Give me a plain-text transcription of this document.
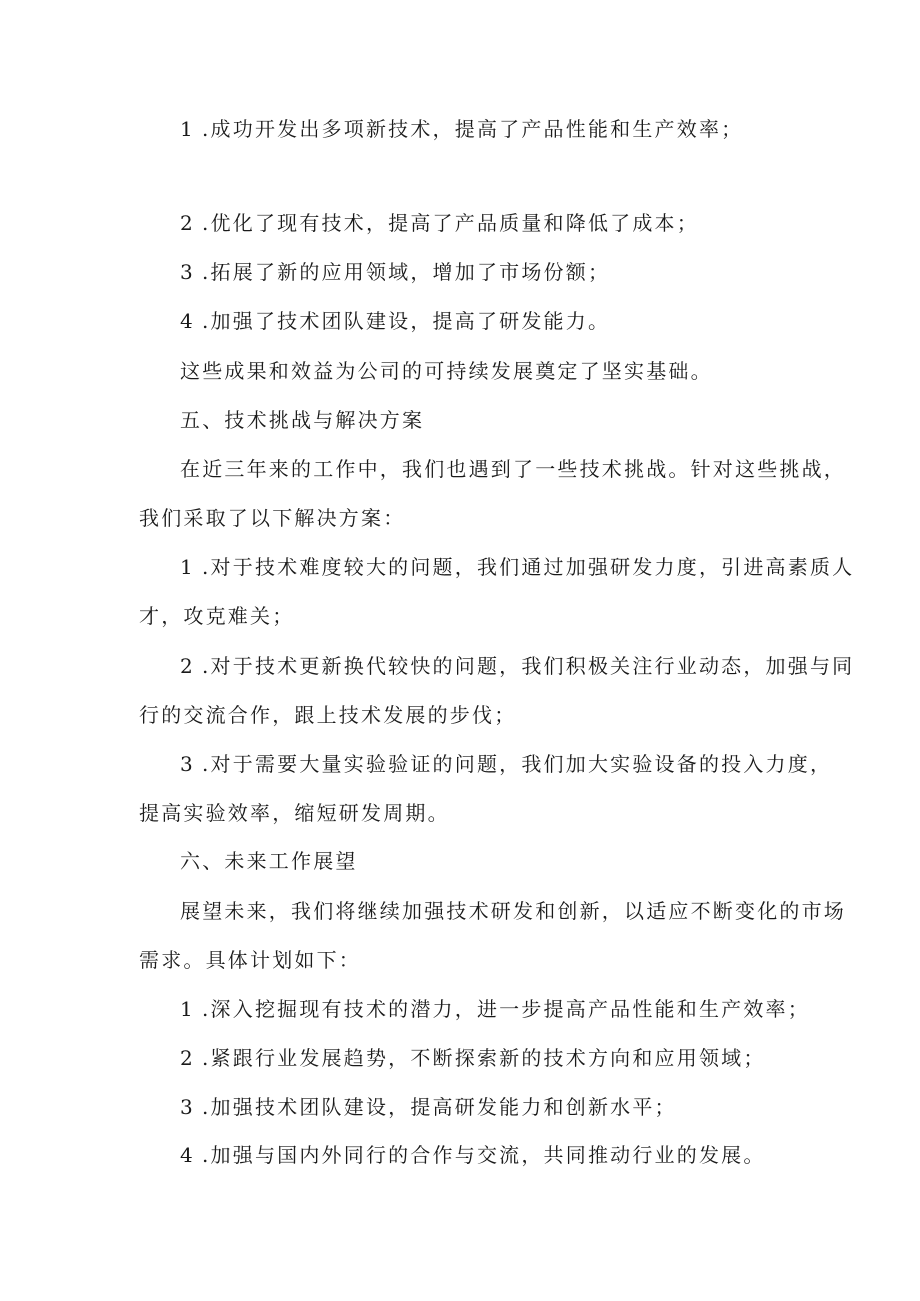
1 .成功开发出多项新技术，提高了产品性能和生产效率；
2 .优化了现有技术，提高了产品质量和降低了成本；
3 .拓展了新的应用领域，增加了市场份额；
4 .加强了技术团队建设，提高了研发能力。
这些成果和效益为公司的可持续发展奠定了坚实基础。
五、技术挑战与解决方案
在近三年来的工作中，我们也遇到了一些技术挑战。针对这些挑战，
我们采取了以下解决方案：
1 .对于技术难度较大的问题，我们通过加强研发力度，引进高素质人
才，攻克难关；
2 .对于技术更新换代较快的问题，我们积极关注行业动态，加强与同
行的交流合作，跟上技术发展的步伐；
3 .对于需要大量实验验证的问题，我们加大实验设备的投入力度，
提高实验效率，缩短研发周期。
六、未来工作展望
展望未来，我们将继续加强技术研发和创新，以适应不断变化的市场
需求。具体计划如下：
1 .深入挖掘现有技术的潜力，进一步提高产品性能和生产效率；
2 .紧跟行业发展趋势，不断探索新的技术方向和应用领域；
3 .加强技术团队建设，提高研发能力和创新水平；
4 .加强与国内外同行的合作与交流，共同推动行业的发展。
